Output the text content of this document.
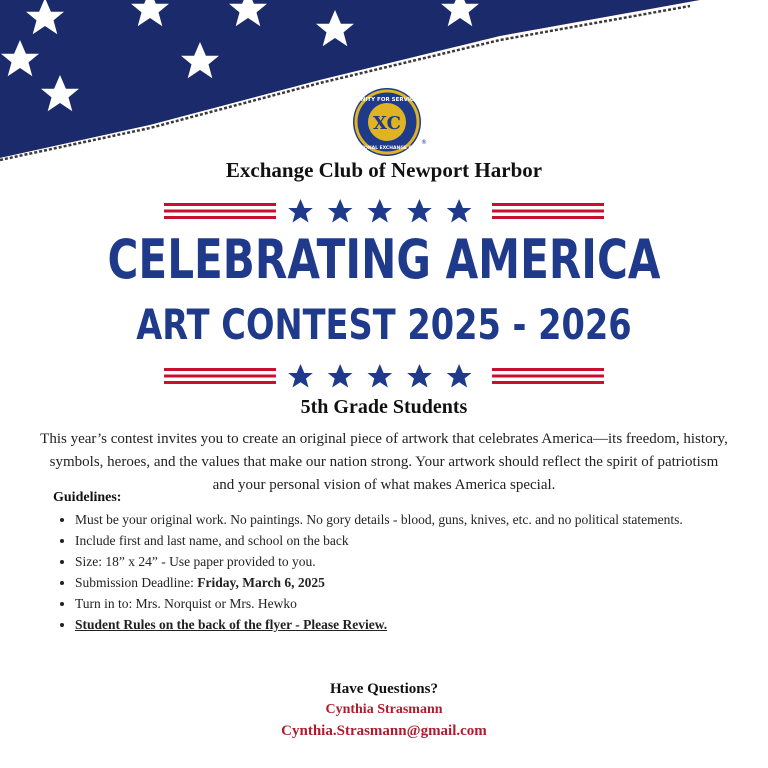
XC
UNITY FOR SERVICE
NATIONAL EXCHANGE CLUB
®
Exchange Club of Newport Harbor
CELEBRATING AMERICA
ART CONTEST 2025 - 2026
5th Grade Students
This year’s contest invites you to create an original piece of artwork that celebrates America—its freedom, history, symbols, heroes, and the values that make our nation strong. Your artwork should reflect the spirit of patriotism and your personal vision of what makes America special.
Guidelines:
• Must be your original work. No paintings. No gory details - blood, guns, knives, etc. and no political statements.
• Include first and last name, and school on the back
• Size: 18” x 24” - Use paper provided to you.
• Submission Deadline: Friday, March 6, 2025
• Turn in to: Mrs. Norquist or Mrs. Hewko
• Student Rules on the back of the flyer - Please Review.
Have Questions?
Cynthia Strasmann
Cynthia.Strasmann@gmail.com
